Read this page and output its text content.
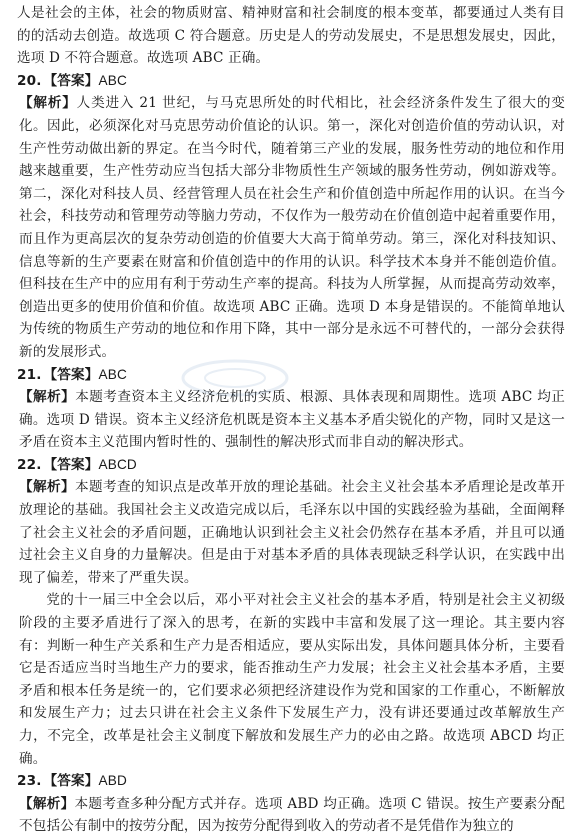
人是社会的主体，社会的物质财富、精神财富和社会制度的根本变革，都要通过人类有目的的活动去创造。故选项 C 符合题意。历史是人的劳动发展史，不是思想发展史，因此，选项 D 不符合题意。故选项 ABC 正确。

20. 【答案】ABC

【解析】人类进入 21 世纪，与马克思所处的时代相比，社会经济条件发生了很大的变化。因此，必须深化对马克思劳动价值论的认识。第一，深化对创造价值的劳动认识，对生产性劳动做出新的界定。在当今时代，随着第三产业的发展，服务性劳动的地位和作用越来越重要，生产性劳动应当包括大部分非物质性生产领域的服务性劳动，例如游戏等。第二，深化对科技人员、经营管理人员在社会生产和价值创造中所起作用的认识。在当今社会，科技劳动和管理劳动等脑力劳动，不仅作为一般劳动在价值创造中起着重要作用，而且作为更高层次的复杂劳动创造的价值要大大高于简单劳动。第三，深化对科技知识、信息等新的生产要素在财富和价值创造中的作用的认识。科学技术本身并不能创造价值。但科技在生产中的应用有利于劳动生产率的提高。科技为人所掌握，从而提高劳动效率，创造出更多的使用价值和价值。故选项 ABC 正确。选项 D 本身是错误的。不能简单地认为传统的物质生产劳动的地位和作用下降，其中一部分是永远不可替代的，一部分会获得新的发展形式。

21. 【答案】ABC

【解析】本题考查资本主义经济危机的实质、根源、具体表现和周期性。选项 ABC 均正确。选项 D 错误。资本主义经济危机既是资本主义基本矛盾尖锐化的产物，同时又是这一矛盾在资本主义范围内暂时性的、强制性的解决形式而非自动的解决形式。

22. 【答案】ABCD

【解析】本题考查的知识点是改革开放的理论基础。社会主义社会基本矛盾理论是改革开放理论的基础。我国社会主义改造完成以后，毛泽东以中国的实践经验为基础，全面阐释了社会主义社会的矛盾问题，正确地认识到社会主义社会仍然存在基本矛盾，并且可以通过社会主义自身的力量解决。但是由于对基本矛盾的具体表现缺乏科学认识，在实践中出现了偏差，带来了严重失误。

党的十一届三中全会以后，邓小平对社会主义社会的基本矛盾，特别是社会主义初级阶段的主要矛盾进行了深入的思考，在新的实践中丰富和发展了这一理论。其主要内容有：判断一种生产关系和生产力是否相适应，要从实际出发，具体问题具体分析，主要看它是否适应当时当地生产力的要求，能否推动生产力发展；社会主义社会基本矛盾，主要矛盾和根本任务是统一的，它们要求必须把经济建设作为党和国家的工作重心，不断解放和发展生产力；过去只讲在社会主义条件下发展生产力，没有讲还要通过改革解放生产力，不完全，改革是社会主义制度下解放和发展生产力的必由之路。故选项 ABCD 均正确。

23. 【答案】ABD

【解析】本题考查多种分配方式并存。选项 ABD 均正确。选项 C 错误。按生产要素分配不包括公有制中的按劳分配，因为按劳分配得到收入的劳动者不是凭借作为独立的
